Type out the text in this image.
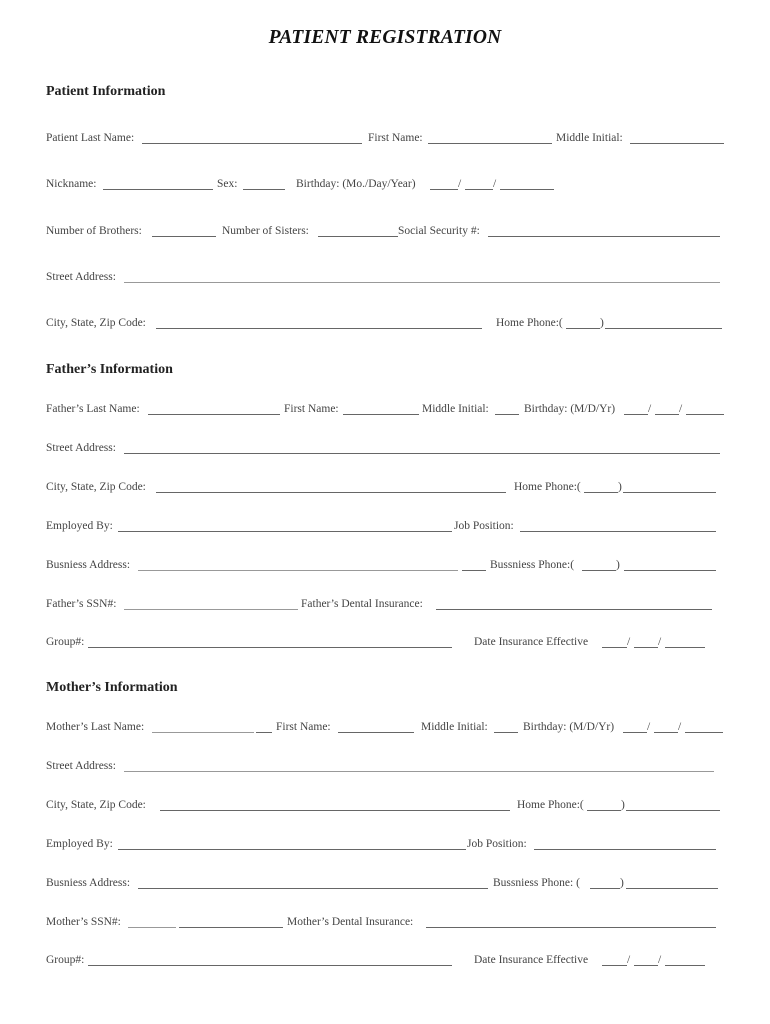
PATIENT REGISTRATION
Patient Information
Patient Last Name:	First Name:	Middle Initial:
Nickname:	Sex:	Birthday: (Mo./Day/Year)	/	/
Number of Brothers:	Number of Sisters:	Social Security #:
Street Address:
City, State, Zip Code:	Home Phone:(	)
Father’s Information
Father’s Last Name:	First Name:	Middle Initial:	Birthday: (M/D/Yr)	/ /
Street Address:
City, State, Zip Code:	Home Phone:(	)
Employed By:	Job Position:
Busniess Address:	Bussniess Phone:(	)
Father’s SSN#:	Father’s Dental Insurance:
Group#:	Date Insurance Effective	/ /
Mother’s Information
Mother’s Last Name:	First Name:	Middle Initial:	Birthday: (M/D/Yr)	/ /
Street Address:
City, State, Zip Code:	Home Phone:(	)
Employed By:	Job Position:
Busniess Address:	Bussniess Phone: (	)
Mother’s SSN#:	Mother’s Dental Insurance:
Group#:	Date Insurance Effective	/ /
